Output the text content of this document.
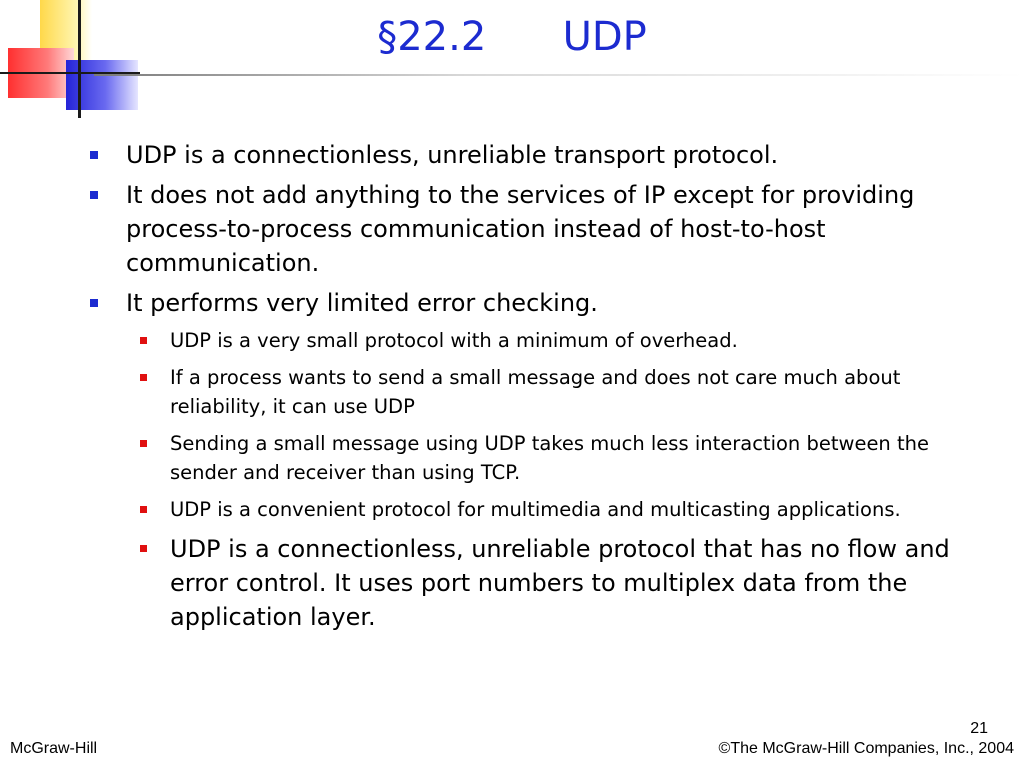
§22.2      UDP
UDP is a connectionless, unreliable transport protocol.
It does not add anything to the services of IP except for providing process-to-process communication instead of host-to-host communication.
It performs very limited error checking.
UDP is a very small protocol with a minimum of overhead.
If a process wants to send a small message and does not care much about reliability, it can use UDP
Sending a small message using UDP takes much less interaction between the sender and receiver than using TCP.
UDP is a convenient protocol for multimedia and multicasting applications.
UDP is a connectionless, unreliable protocol that has no flow and error control. It uses port numbers to multiplex data from the application layer.
21
McGraw-Hill	©The McGraw-Hill Companies, Inc., 2004
